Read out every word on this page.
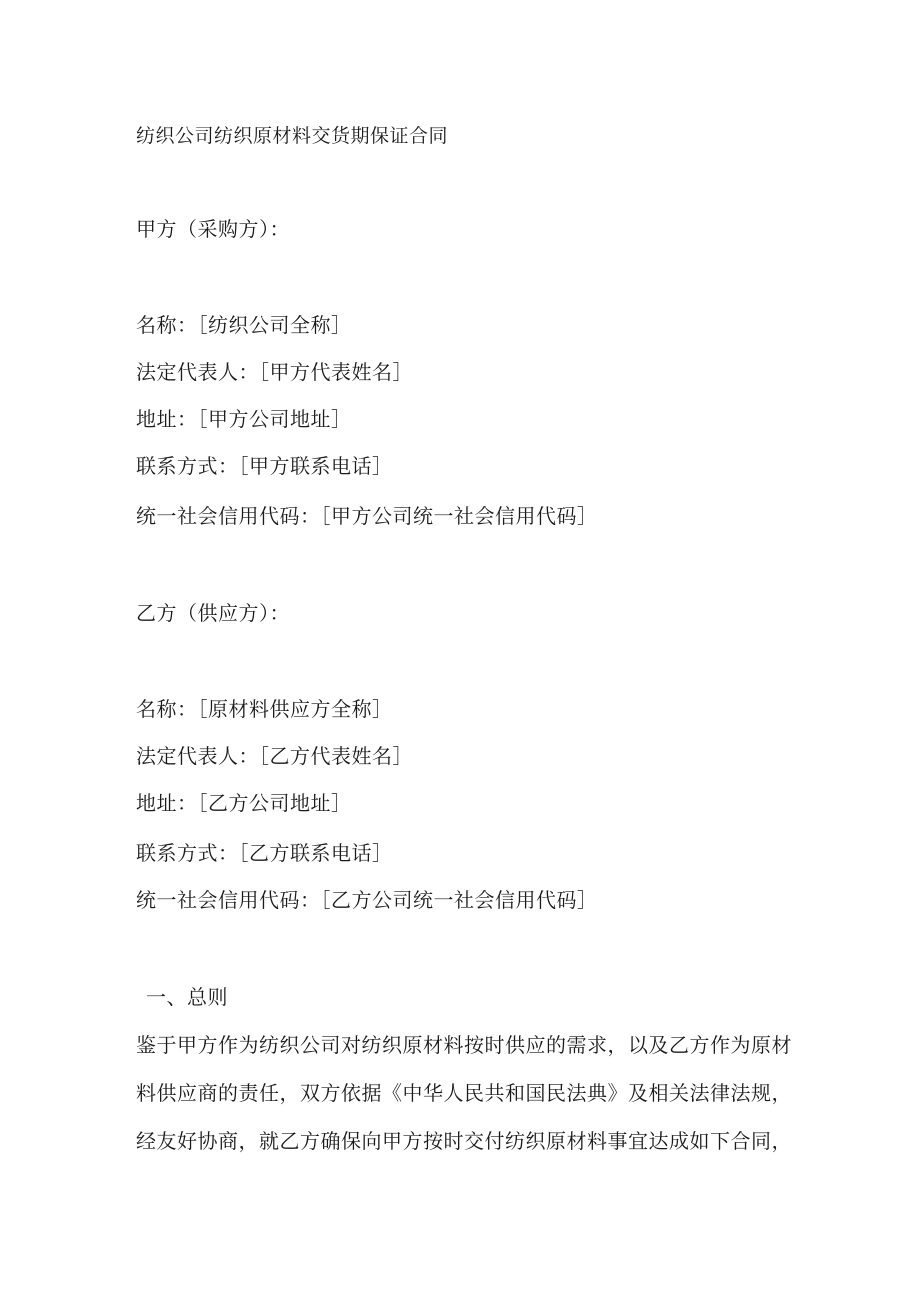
纺织公司纺织原材料交货期保证合同
甲方（采购方）：
名称：［纺织公司全称］
法定代表人：［甲方代表姓名］
地址：［甲方公司地址］
联系方式：［甲方联系电话］
统一社会信用代码：［甲方公司统一社会信用代码］
乙方（供应方）：
名称：［原材料供应方全称］
法定代表人：［乙方代表姓名］
地址：［乙方公司地址］
联系方式：［乙方联系电话］
统一社会信用代码：［乙方公司统一社会信用代码］
一、总则
鉴于甲方作为纺织公司对纺织原材料按时供应的需求，以及乙方作为原材
料供应商的责任，双方依据《中华人民共和国民法典》及相关法律法规，
经友好协商，就乙方确保向甲方按时交付纺织原材料事宜达成如下合同，
